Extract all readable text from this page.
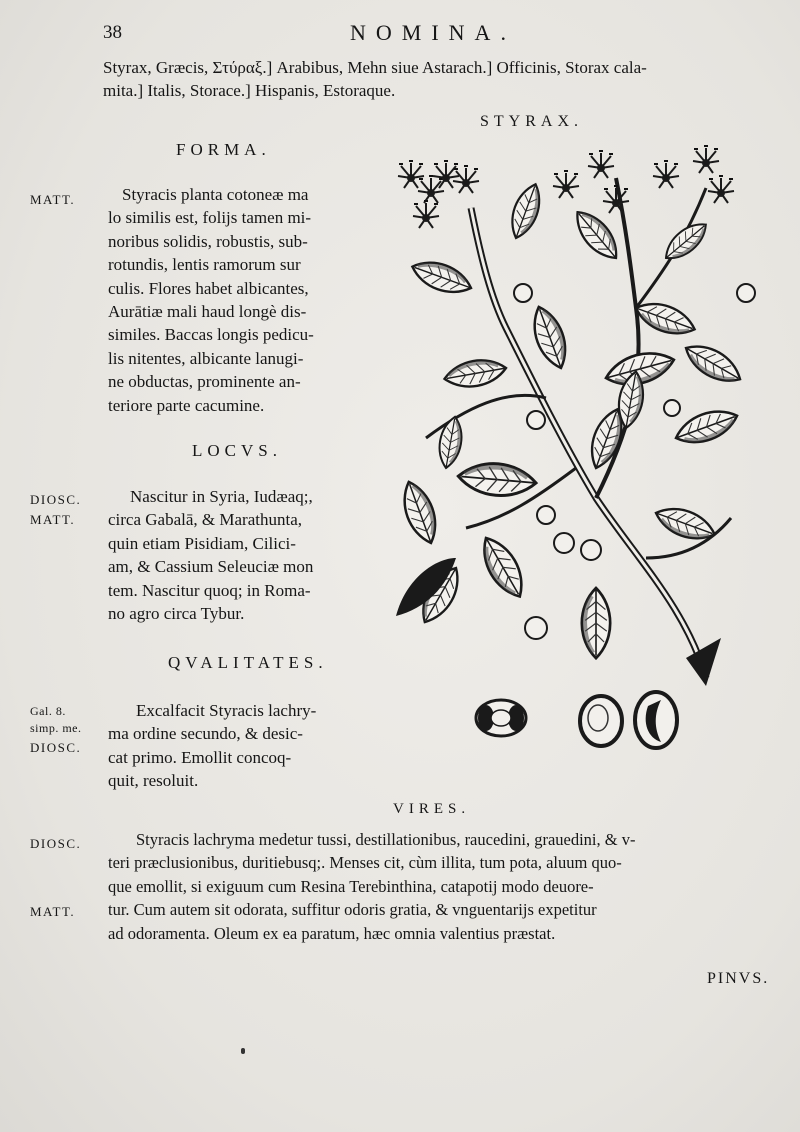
38	NOMINA.
Styrax, Græcis, Στύραξ.] Arabibus, Mehn siue Astarach.] Officinis, Storax cala-
mita.] Italis, Storace.] Hispanis, Estoraque.
STYRAX.
FORMA.
MATT.	Styracis planta cotoneæ ma
lo similis est, folijs tamen mi-
noribus solidis, robustis, sub-
rotundis, lentis ramorum sur
culis. Flores habet albicantes,
Aurātiæ mali haud longè dis-
similes. Baccas longis pedicu-
lis nitentes, albicante lanugi-
ne obductas, prominente an-
teriore parte cacumine.
LOCVS.
DIOSC.
MATT.
Nascitur in Syria, Iudæaq;,
circa Gabalā, & Marathunta,
quin etiam Pisidiam, Cilici-
am, & Cassium Seleuciæ mon
tem. Nascitur quoq; in Roma-
no agro circa Tybur.
QVALITATES.
Gal. 8.
simp. me.
DIOSC.
Excalfacit Styracis lachry-
ma ordine secundo, & desic-
cat primo. Emollit concoq-
quit, resoluit.
VIRES.
DIOSC.
MATT.
Styracis lachryma medetur tussi, destillationibus, raucedini, grauedini, & v-
teri præclusionibus, duritiebusq;. Menses cit, cùm illita, tum pota, aluum quo-
que emollit, si exiguum cum Resina Terebinthina, catapotij modo deuore-
tur. Cum autem sit odorata, suffitur odoris gratia, & vnguentarijs expetitur
ad odoramenta. Oleum ex ea paratum, hæc omnia valentius præstat.
PINVS.
